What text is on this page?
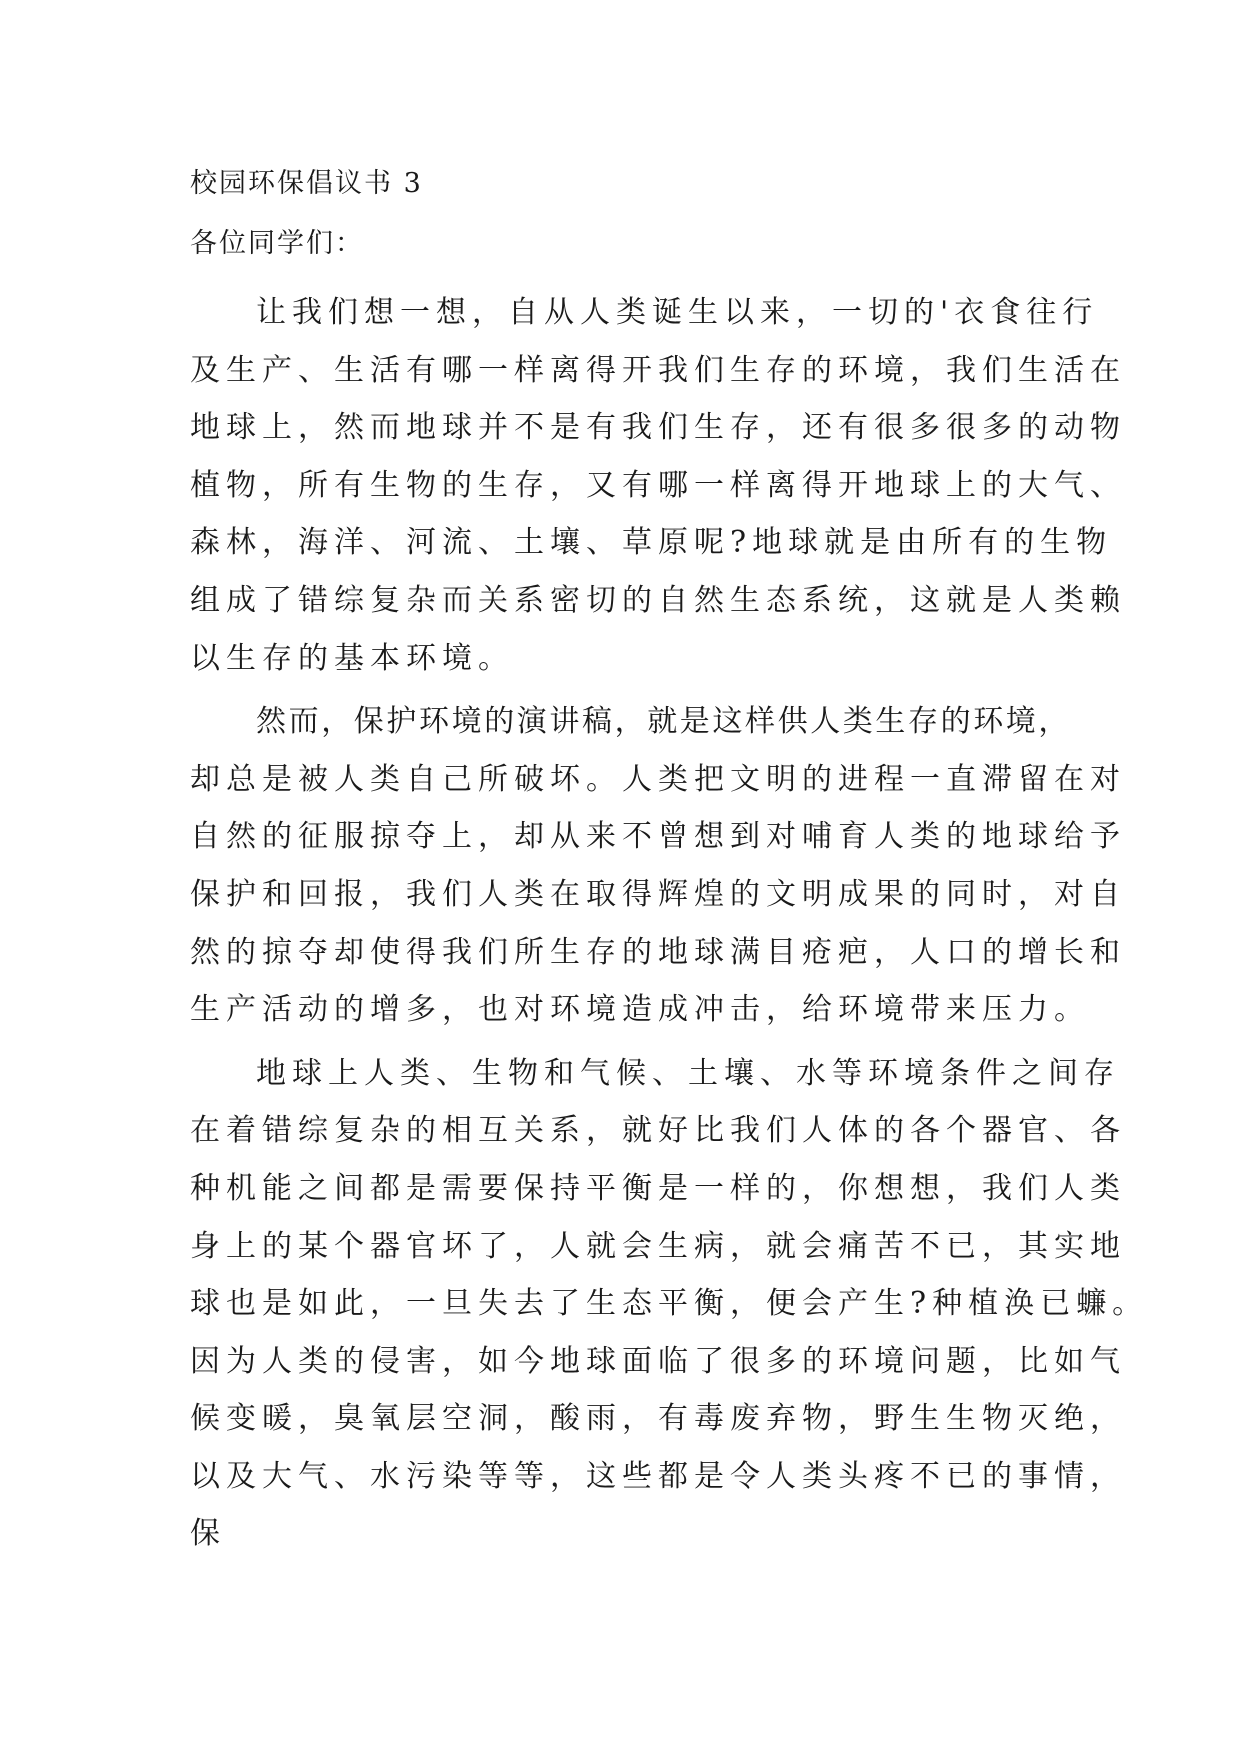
校园环保倡议书 3
各位同学们：
让我们想一想，自从人类诞生以来，一切的'衣食往行
及生产、生活有哪一样离得开我们生存的环境，我们生活在
地球上，然而地球并不是有我们生存，还有很多很多的动物
植物，所有生物的生存，又有哪一样离得开地球上的大气、
森林，海洋、河流、土壤、草原呢?地球就是由所有的生物
组成了错综复杂而关系密切的自然生态系统，这就是人类赖
以生存的基本环境。
然而，保护环境的演讲稿，就是这样供人类生存的环境，
却总是被人类自己所破坏。人类把文明的进程一直滞留在对
自然的征服掠夺上，却从来不曾想到对哺育人类的地球给予
保护和回报，我们人类在取得辉煌的文明成果的同时，对自
然的掠夺却使得我们所生存的地球满目疮疤，人口的增长和
生产活动的增多，也对环境造成冲击，给环境带来压力。
地球上人类、生物和气候、土壤、水等环境条件之间存
在着错综复杂的相互关系，就好比我们人体的各个器官、各
种机能之间都是需要保持平衡是一样的，你想想，我们人类
身上的某个器官坏了，人就会生病，就会痛苦不已，其实地
球也是如此，一旦失去了生态平衡，便会产生?种植涣已蠊。
因为人类的侵害，如今地球面临了很多的环境问题，比如气
候变暖，臭氧层空洞，酸雨，有毒废弃物，野生生物灭绝，
以及大气、水污染等等，这些都是令人类头疼不已的事情，
保
